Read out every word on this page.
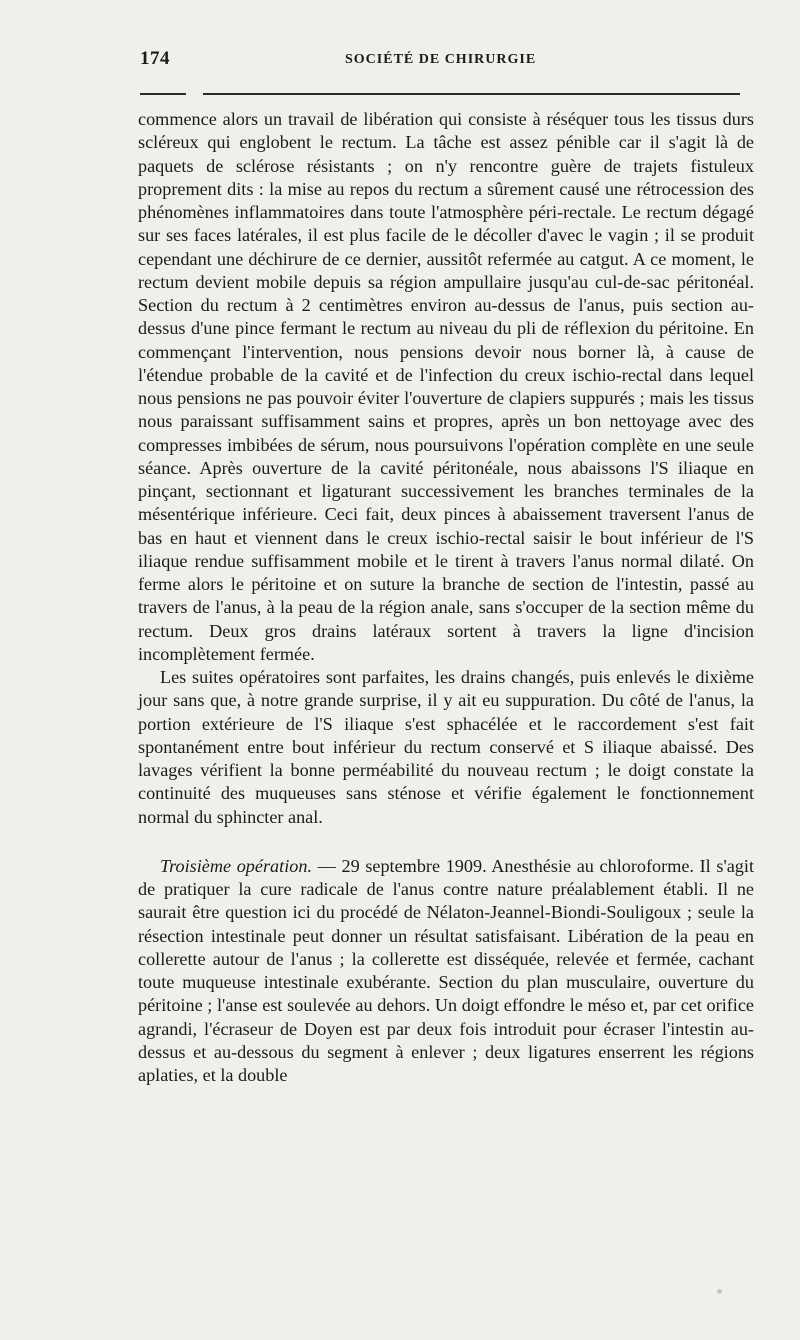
174	SOCIÉTÉ DE CHIRURGIE

commence alors un travail de libération qui consiste à réséquer tous les tissus durs scléreux qui englobent le rectum. La tâche est assez pénible car il s'agit là de paquets de sclérose résistants ; on n'y rencontre guère de trajets fistuleux proprement dits : la mise au repos du rectum a sûrement causé une rétrocession des phénomènes inflammatoires dans toute l'atmosphère péri-rectale. Le rectum dégagé sur ses faces latérales, il est plus facile de le décoller d'avec le vagin ; il se produit cependant une déchirure de ce dernier, aussitôt refermée au catgut. A ce moment, le rectum devient mobile depuis sa région ampullaire jusqu'au cul-de-sac péritonéal. Section du rectum à 2 centimètres environ au-dessus de l'anus, puis section au-dessus d'une pince fermant le rectum au niveau du pli de réflexion du péritoine. En commençant l'intervention, nous pensions devoir nous borner là, à cause de l'étendue probable de la cavité et de l'infection du creux ischio-rectal dans lequel nous pensions ne pas pouvoir éviter l'ouverture de clapiers suppurés ; mais les tissus nous paraissant suffisamment sains et propres, après un bon nettoyage avec des compresses imbibées de sérum, nous poursuivons l'opération complète en une seule séance. Après ouverture de la cavité péritonéale, nous abaissons l'S iliaque en pinçant, sectionnant et ligaturant successivement les branches terminales de la mésentérique inférieure. Ceci fait, deux pinces à abaissement traversent l'anus de bas en haut et viennent dans le creux ischio-rectal saisir le bout inférieur de l'S iliaque rendue suffisamment mobile et le tirent à travers l'anus normal dilaté. On ferme alors le péritoine et on suture la branche de section de l'intestin, passé au travers de l'anus, à la peau de la région anale, sans s'occuper de la section même du rectum. Deux gros drains latéraux sortent à travers la ligne d'incision incomplètement fermée.

Les suites opératoires sont parfaites, les drains changés, puis enlevés le dixième jour sans que, à notre grande surprise, il y ait eu suppuration. Du côté de l'anus, la portion extérieure de l'S iliaque s'est sphacélée et le raccordement s'est fait spontanément entre bout inférieur du rectum conservé et S iliaque abaissé. Des lavages vérifient la bonne perméabilité du nouveau rectum ; le doigt constate la continuité des muqueuses sans sténose et vérifie également le fonctionnement normal du sphincter anal.

Troisième opération. — 29 septembre 1909. Anesthésie au chloroforme. Il s'agit de pratiquer la cure radicale de l'anus contre nature préalablement établi. Il ne saurait être question ici du procédé de Nélaton-Jeannel-Biondi-Souligoux ; seule la résection intestinale peut donner un résultat satisfaisant. Libération de la peau en collerette autour de l'anus ; la collerette est disséquée, relevée et fermée, cachant toute muqueuse intestinale exubérante. Section du plan musculaire, ouverture du péritoine ; l'anse est soulevée au dehors. Un doigt effondre le méso et, par cet orifice agrandi, l'écraseur de Doyen est par deux fois introduit pour écraser l'intestin au-dessus et au-dessous du segment à enlever ; deux ligatures enserrent les régions aplaties, et la double
